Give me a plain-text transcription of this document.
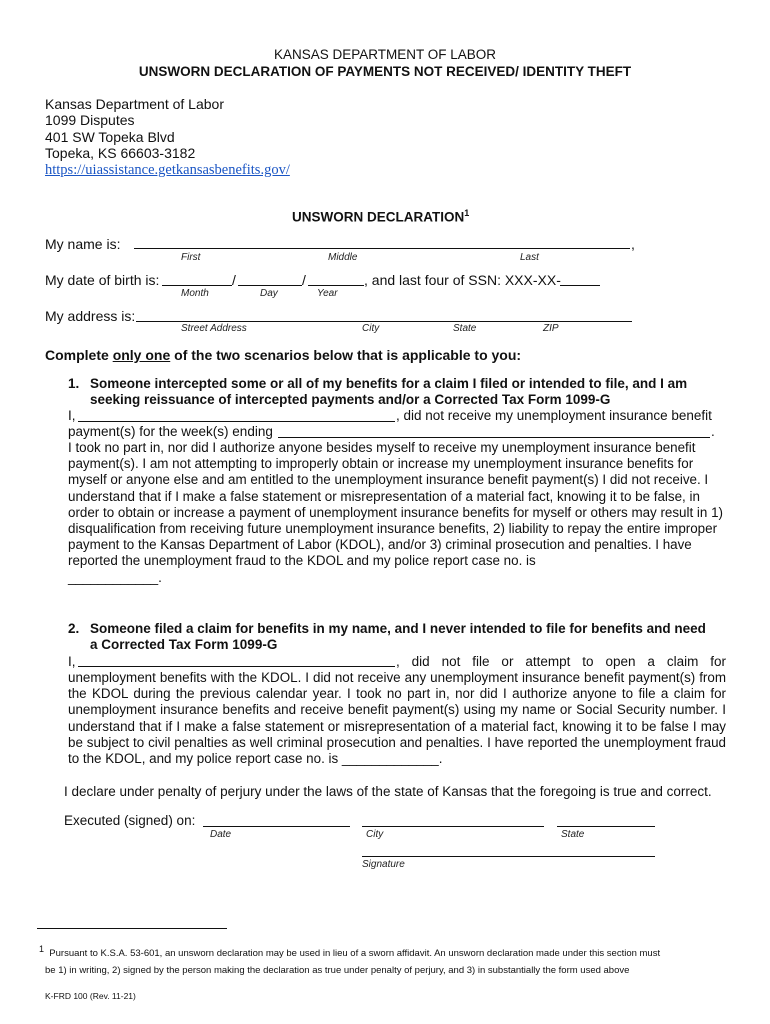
KANSAS DEPARTMENT OF LABOR
UNSWORN DECLARATION OF PAYMENTS NOT RECEIVED/ IDENTITY THEFT
Kansas Department of Labor
1099 Disputes
401 SW Topeka Blvd
Topeka, KS 66603-3182
https://uiassistance.getkansasbenefits.gov/
UNSWORN DECLARATION$^1$
My name is:	,
First	Middle	Last
My date of birth is:	/	/	, and last four of SSN: XXX-XX-
Month	Day	Year
My address is:
Street Address	City	State	ZIP
Complete only one of the two scenarios below that is applicable to you:
1. Someone intercepted some or all of my benefits for a claim I filed or intended to file, and I am
seeking reissuance of intercepted payments and/or a Corrected Tax Form 1099-G
I,	, did not receive my unemployment insurance benefit
payment(s) for the week(s) ending	.
I took no part in, nor did I authorize anyone besides myself to receive my unemployment insurance benefit payment(s). I am not attempting to improperly obtain or increase my unemployment insurance benefits for myself or anyone else and am entitled to the unemployment insurance benefit payment(s) I did not receive. I understand that if I make a false statement or misrepresentation of a material fact, knowing it to be false, in order to obtain or increase a payment of unemployment insurance benefits for myself or others may result in 1) disqualification from receiving future unemployment insurance benefits, 2) liability to repay the entire improper payment to the Kansas Department of Labor (KDOL), and/or 3) criminal prosecution and penalties. I have reported the unemployment fraud to the KDOL and my police report case no. is
____________.
2. Someone filed a claim for benefits in my name, and I never intended to file for benefits and need
a Corrected Tax Form 1099-G
I,	, did not file or attempt to open a claim for
unemployment benefits with the KDOL. I did not receive any unemployment insurance benefit payment(s) from the KDOL during the previous calendar year. I took no part in, nor did I authorize anyone to file a claim for unemployment insurance benefits and receive benefit payment(s) using my name or Social Security number. I understand that if I make a false statement or misrepresentation of a material fact, knowing it to be false I may be subject to civil penalties as well criminal prosecution and penalties. I have reported the unemployment fraud to the KDOL, and my police report case no. is _____________.
I declare under penalty of perjury under the laws of the state of Kansas that the foregoing is true and correct.
Executed (signed) on:
Date	City	State
Signature
$^1$ Pursuant to K.S.A. 53-601, an unsworn declaration may be used in lieu of a sworn affidavit. An unsworn declaration made under this section must
be 1) in writing, 2) signed by the person making the declaration as true under penalty of perjury, and 3) in substantially the form used above
K-FRD 100 (Rev. 11-21)
